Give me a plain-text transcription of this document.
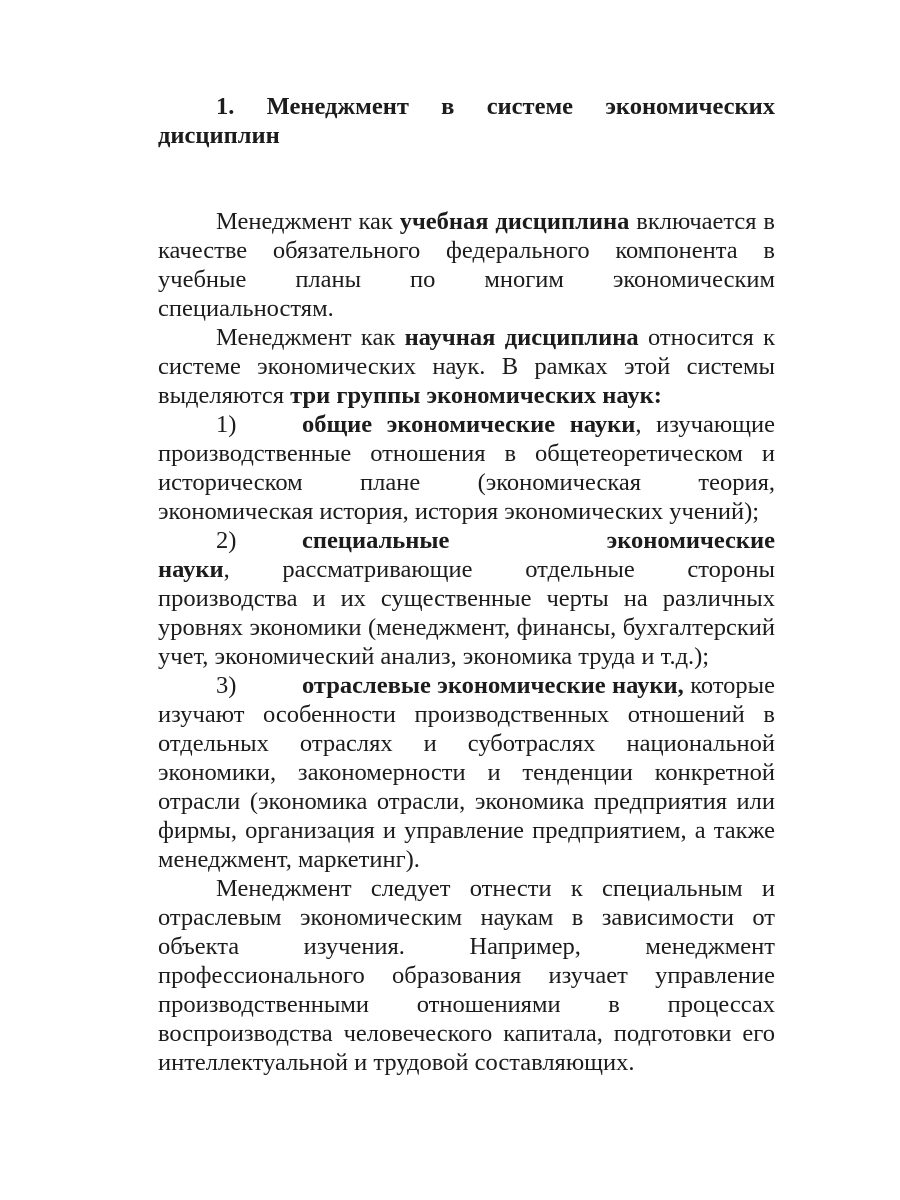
1. Менеджмент в системе экономических
дисциплин

Менеджмент как учебная дисциплина включается в качестве обязательного федерального компонента в учебные планы по многим экономическим специальностям.

Менеджмент как научная дисциплина относится к системе экономических наук. В рамках этой системы выделяются три группы экономических наук:

1)	общие экономические науки, изучающие производственные отношения в общетеоретическом и историческом плане (экономическая теория, экономическая история, история экономических учений);

2)	специальные экономические науки, рассматривающие отдельные стороны производства и их существенные черты на различных уровнях экономики (менеджмент, финансы, бухгалтерский учет, экономический анализ, экономика труда и т.д.);

3)	отраслевые экономические науки, которые изучают особенности производственных отношений в отдельных отраслях и суботраслях национальной экономики, закономерности и тенденции конкретной отрасли (экономика отрасли, экономика предприятия или фирмы, организация и управление предприятием, а также менеджмент, маркетинг).

Менеджмент следует отнести к специальным и отраслевым экономическим наукам в зависимости от объекта изучения. Например, менеджмент профессионального образования изучает управление производственными отношениями в процессах воспроизводства человеческого капитала, подготовки его интеллектуальной и трудовой составляющих.
